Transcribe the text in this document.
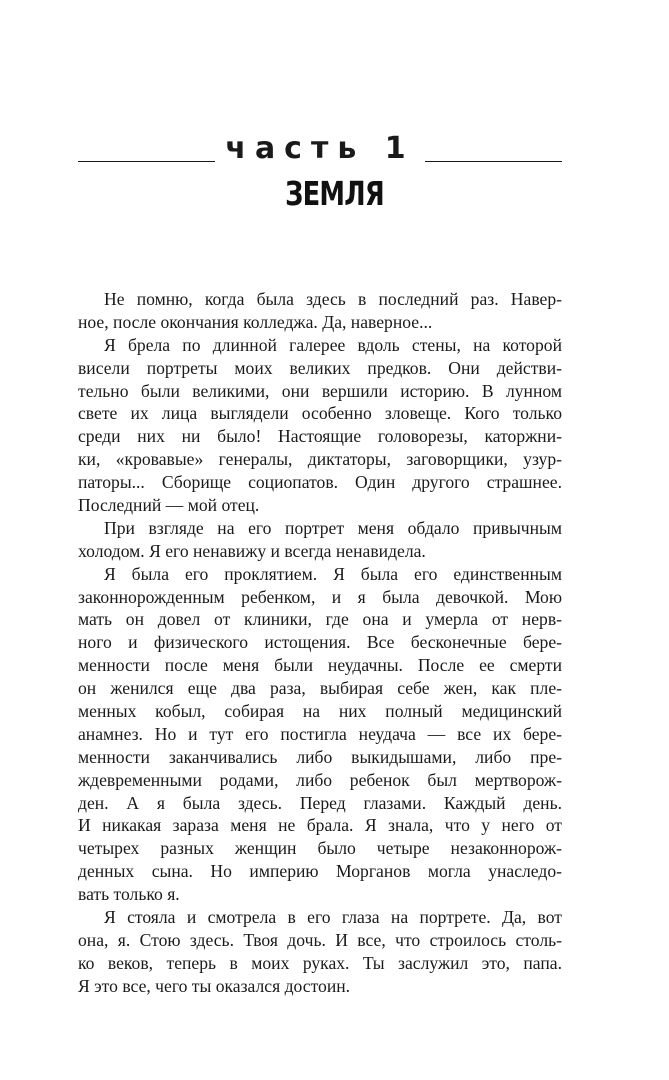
часть 1
ЗЕМЛЯ
Не помню, когда была здесь в последний раз. Навер-
ное, после окончания колледжа. Да, наверное...
Я брела по длинной галерее вдоль стены, на которой
висели портреты моих великих предков. Они действи-
тельно были великими, они вершили историю. В лунном
свете их лица выглядели особенно зловеще. Кого только
среди них ни было! Настоящие головорезы, каторжни-
ки, «кровавые» генералы, диктаторы, заговорщики, узур-
паторы... Сборище социопатов. Один другого страшнее.
Последний — мой отец.
При взгляде на его портрет меня обдало привычным
холодом. Я его ненавижу и всегда ненавидела.
Я была его проклятием. Я была его единственным
законнорожденным ребенком, и я была девочкой. Мою
мать он довел от клиники, где она и умерла от нерв-
ного и физического истощения. Все бесконечные бере-
менности после меня были неудачны. После ее смерти
он женился еще два раза, выбирая себе жен, как пле-
менных кобыл, собирая на них полный медицинский
анамнез. Но и тут его постигла неудача — все их бере-
менности заканчивались либо выкидышами, либо пре-
ждевременными родами, либо ребенок был мертворож-
ден. А я была здесь. Перед глазами. Каждый день.
И никакая зараза меня не брала. Я знала, что у него от
четырех разных женщин было четыре незаконнорож-
денных сына. Но империю Морганов могла унаследо-
вать только я.
Я стояла и смотрела в его глаза на портрете. Да, вот
она, я. Стою здесь. Твоя дочь. И все, что строилось столь-
ко веков, теперь в моих руках. Ты заслужил это, папа.
Я это все, чего ты оказался достоин.
